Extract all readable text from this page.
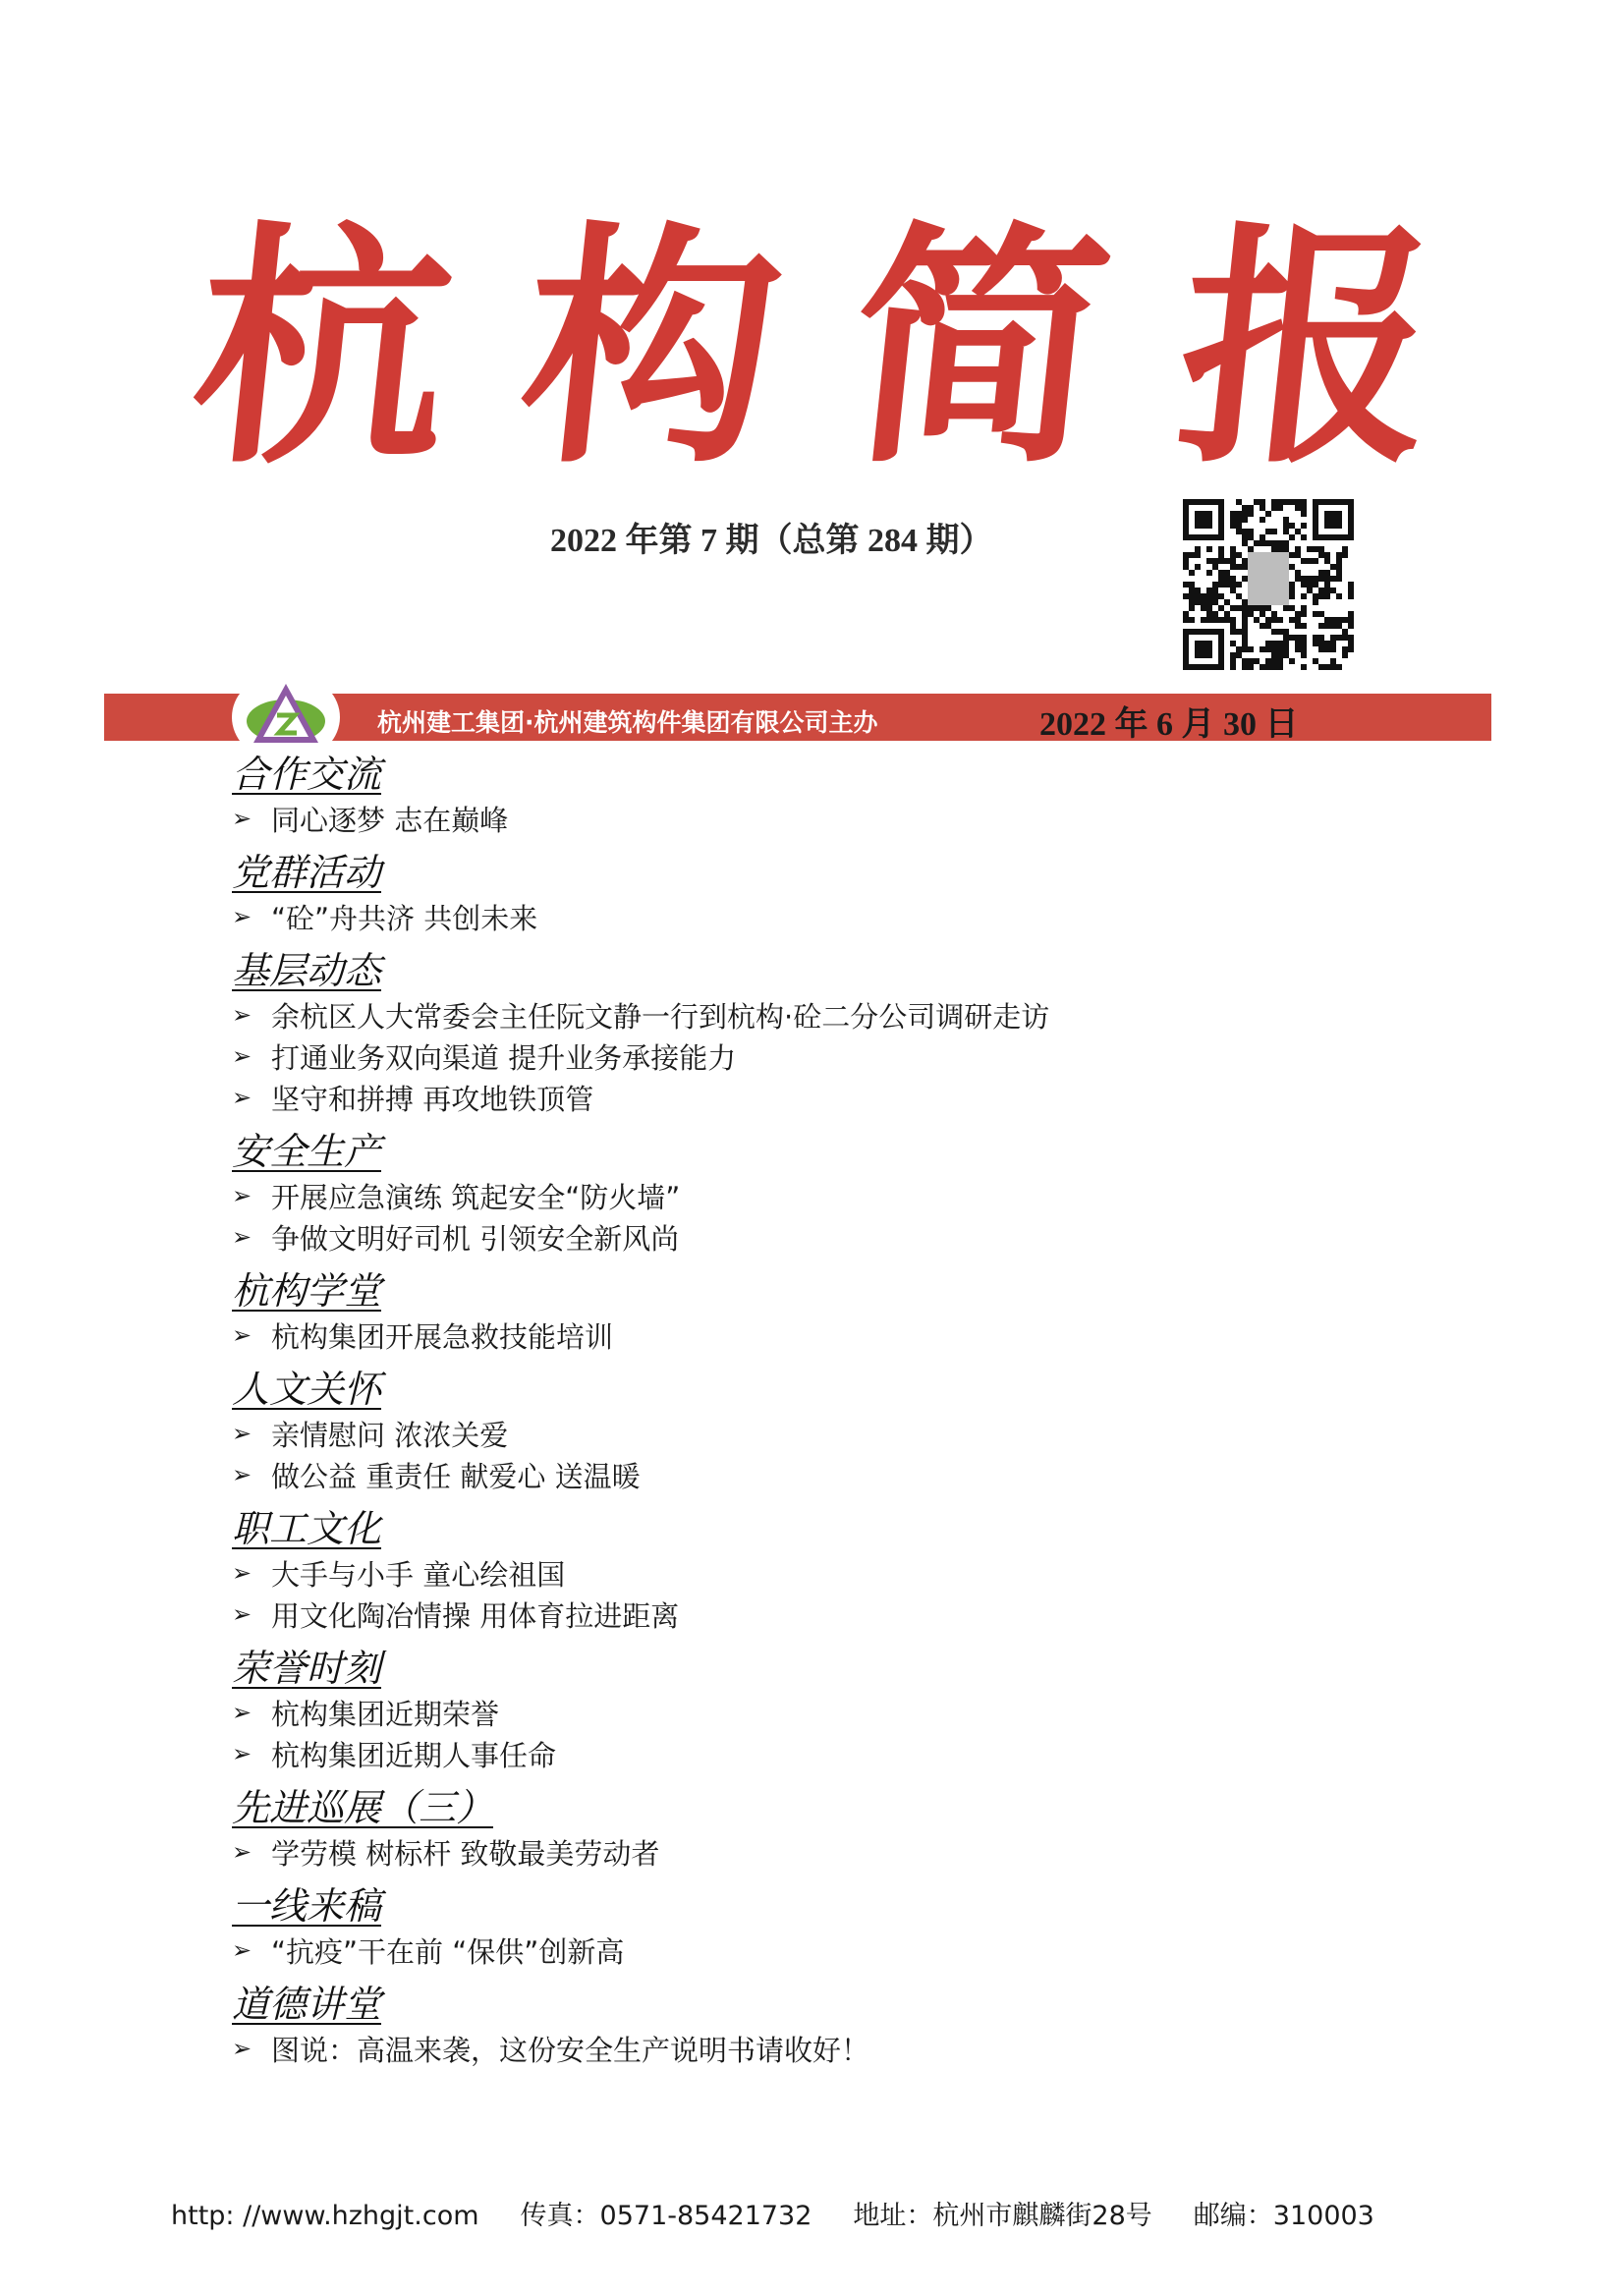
杭 构 简 报
2022 年第 7 期（总第 284 期）
杭州建工集团·杭州建筑构件集团有限公司主办	2022 年 6 月 30 日
合作交流
➢ 同心逐梦 志在巅峰
党群活动
➢ “砼”舟共济 共创未来
基层动态
➢ 余杭区人大常委会主任阮文静一行到杭构·砼二分公司调研走访
➢ 打通业务双向渠道 提升业务承接能力
➢ 坚守和拼搏 再攻地铁顶管
安全生产
➢ 开展应急演练 筑起安全“防火墙”
➢ 争做文明好司机 引领安全新风尚
杭构学堂
➢ 杭构集团开展急救技能培训
人文关怀
➢ 亲情慰问 浓浓关爱
➢ 做公益 重责任 献爱心 送温暖
职工文化
➢ 大手与小手 童心绘祖国
➢ 用文化陶冶情操 用体育拉进距离
荣誉时刻
➢ 杭构集团近期荣誉
➢ 杭构集团近期人事任命
先进巡展（三）
➢ 学劳模 树标杆 致敬最美劳动者
一线来稿
➢ “抗疫”干在前 “保供”创新高
道德讲堂
➢ 图说：高温来袭，这份安全生产说明书请收好！
http: //www.hzhgjt.com 传真：0571-85421732 地址：杭州市麒麟街28号 邮编：310003
